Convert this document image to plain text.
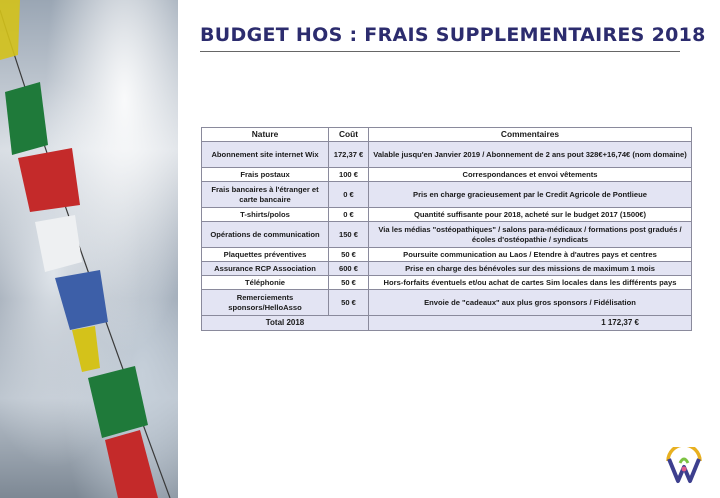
BUDGET HOS : FRAIS SUPPLEMENTAIRES 2018
Nature	Coût	Commentaires
Abonnement site internet Wix	172,37 €	Valable jusqu'en Janvier 2019 / Abonnement de 2 ans pout 328€+16,74€ (nom domaine)
Frais postaux	100 €	Correspondances et envoi vêtements
Frais bancaires à l'étranger et carte bancaire	0 €	Pris en charge gracieusement par le Credit Agricole de Pontlieue
T-shirts/polos	0 €	Quantité suffisante pour 2018, acheté sur le budget 2017 (1500€)
Opérations de communication	150 €	Via les médias "ostéopathiques" / salons para-médicaux / formations post gradués / écoles d'ostéopathie / syndicats
Plaquettes préventives	50 €	Poursuite communication au Laos / Etendre à d'autres pays et centres
Assurance RCP Association	600 €	Prise en charge des bénévoles sur des missions de maximum 1 mois
Téléphonie	50 €	Hors-forfaits éventuels et/ou achat de cartes Sim locales dans les différents pays
Remerciements sponsors/HelloAsso	50 €	Envoie de "cadeaux" aux plus gros sponsors / Fidélisation
Total 2018		1 172,37 €
